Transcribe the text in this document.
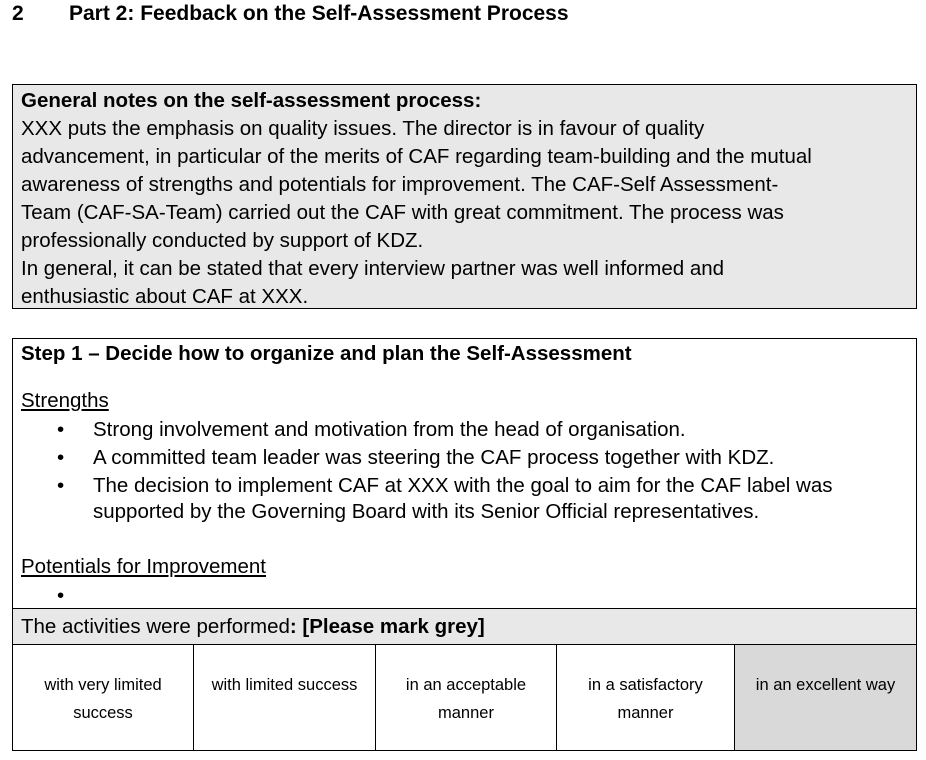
2	Part 2: Feedback on the Self-Assessment Process
General notes on the self-assessment process:
XXX puts the emphasis on quality issues. The director is in favour of quality
advancement, in particular of the merits of CAF regarding team-building and the mutual
awareness of strengths and potentials for improvement. The CAF-Self Assessment-
Team (CAF-SA-Team) carried out the CAF with great commitment. The process was
professionally conducted by support of KDZ.
In general, it can be stated that every interview partner was well informed and
enthusiastic about CAF at XXX.
Step 1 – Decide how to organize and plan the Self-Assessment
Strengths
• Strong involvement and motivation from the head of organisation.
• A committed team leader was steering the CAF process together with KDZ.
• The decision to implement CAF at XXX with the goal to aim for the CAF label was supported by the Governing Board with its Senior Official representatives.
Potentials for Improvement
•
The activities were performed: [Please mark grey]
with very limited
success
with limited success	in an acceptable
manner
in a satisfactory
manner
in an excellent way
